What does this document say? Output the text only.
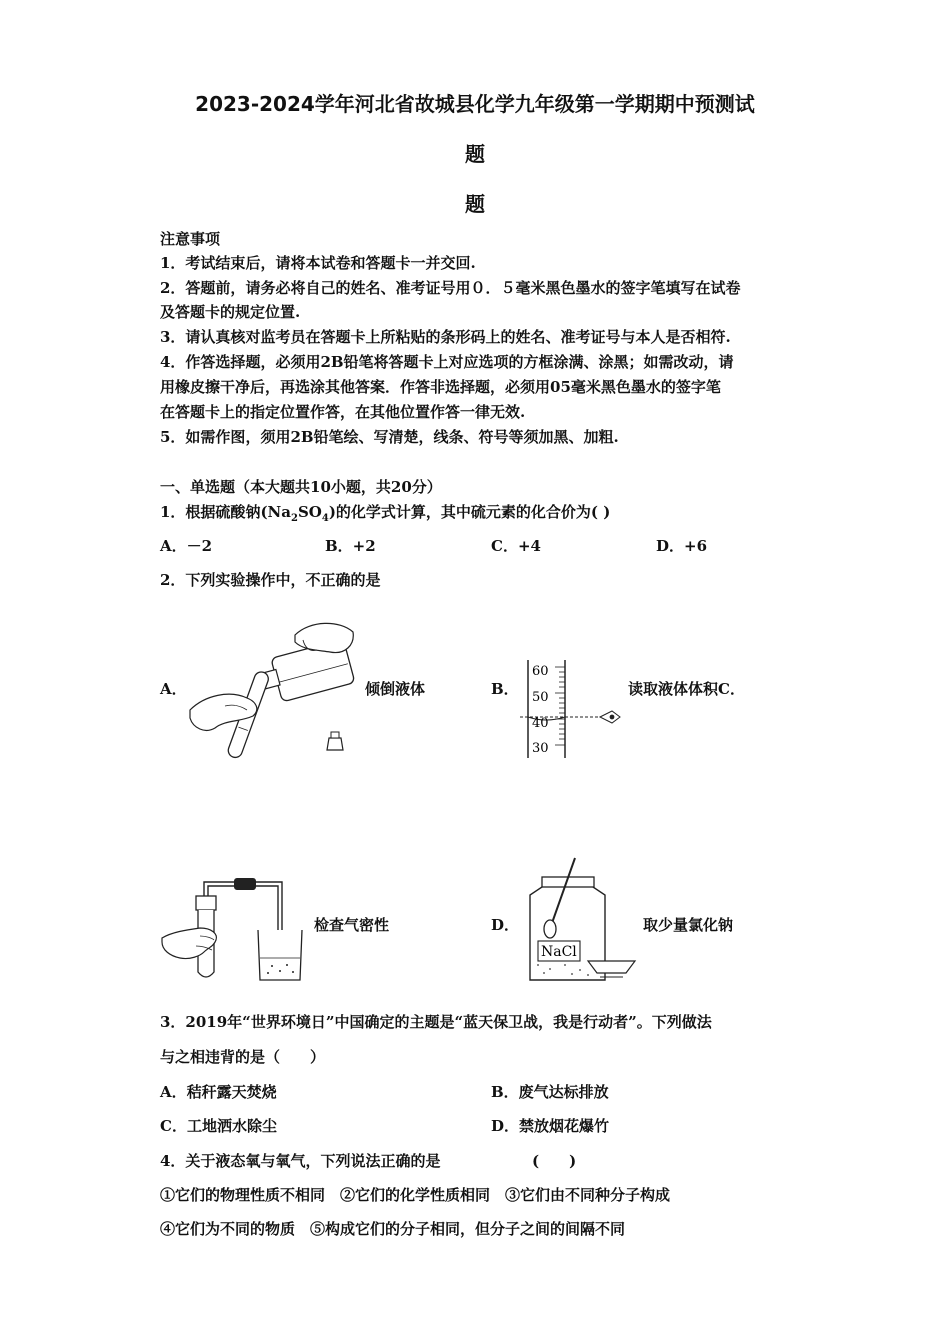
2023-2024学年河北省故城县化学九年级第一学期期中预测试
题
题
注意事项
1．考试结束后，请将本试卷和答题卡一并交回.
2．答题前，请务必将自己的姓名、准考证号用０．５毫米黑色墨水的签字笔填写在试卷
及答题卡的规定位置.
3．请认真核对监考员在答题卡上所粘贴的条形码上的姓名、准考证号与本人是否相符.
4．作答选择题，必须用2B铅笔将答题卡上对应选项的方框涂满、涂黑；如需改动，请
用橡皮擦干净后，再选涂其他答案．作答非选择题，必须用05毫米黑色墨水的签字笔
在答题卡上的指定位置作答，在其他位置作答一律无效.
5．如需作图，须用2B铅笔绘、写清楚，线条、符号等须加黑、加粗.
一、单选题（本大题共10小题，共20分）
1．根据硫酸钠$(Na_2SO_4)$的化学式计算，其中硫元素的化合价为( )
A．－2	B．+2	C．+4	D．+6
2．下列实验操作中，不正确的是
A．	倾倒液体	B．
60
50
40
30
读取液体体积C．
检查气密性	D．
NaCl
取少量氯化钠
3．2019年“世界环境日”中国确定的主题是“蓝天保卫战，我是行动者”。下列做法
与之相违背的是（　　）
A．秸秆露天焚烧	B．废气达标排放
C．工地洒水除尘	D．禁放烟花爆竹
4．关于液态氧与氧气，下列说法正确的是	(　　)
①它们的物理性质不相同　②它们的化学性质相同　③它们由不同种分子构成
④它们为不同的物质　⑤构成它们的分子相同，但分子之间的间隔不同
